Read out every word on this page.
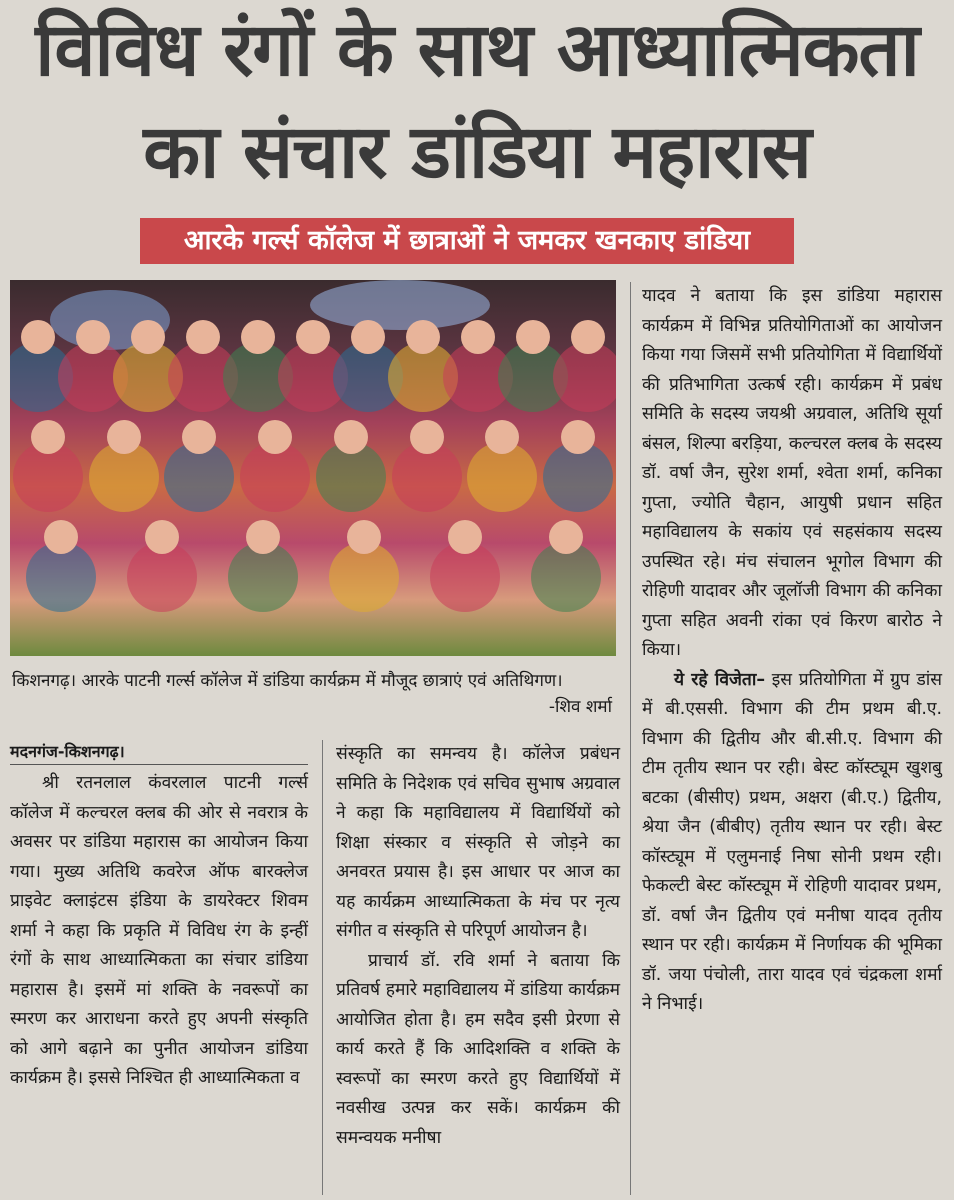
विविध रंगों के साथ आध्यात्मिकता
का संचार डांडिया महारास
आरके गर्ल्स कॉलेज में छात्राओं ने जमकर खनकाए डांडिया
किशनगढ़। आरके पाटनी गर्ल्स कॉलेज में डांडिया कार्यक्रम में मौजूद छात्राएं एवं अतिथिगण।
-शिव शर्मा
मदनगंज-किशनगढ़।

श्री रतनलाल कंवरलाल पाटनी गर्ल्स कॉलेज में कल्चरल क्लब की ओर से नवरात्र के अवसर पर डांडिया महारास का आयोजन किया गया। मुख्य अतिथि कवरेज ऑफ बारक्लेज प्राइवेट क्लाइंटस इंडिया के डायरेक्टर शिवम शर्मा ने कहा कि प्रकृति में विविध रंग के इन्हीं रंगों के साथ आध्यात्मिकता का संचार डांडिया महारास है। इसमें मां शक्ति के नवरूपों का स्मरण कर आराधना करते हुए अपनी संस्कृति को आगे बढ़ाने का पुनीत आयोजन डांडिया कार्यक्रम है। इससे निश्चित ही आध्यात्मिकता व

संस्कृति का समन्वय है। कॉलेज प्रबंधन समिति के निदेशक एवं सचिव सुभाष अग्रवाल ने कहा कि महाविद्यालय में विद्यार्थियों को शिक्षा संस्कार व संस्कृति से जोड़ने का अनवरत प्रयास है। इस आधार पर आज का यह कार्यक्रम आध्यात्मिकता के मंच पर नृत्य संगीत व संस्कृति से परिपूर्ण आयोजन है।

प्राचार्य डॉ. रवि शर्मा ने बताया कि प्रतिवर्ष हमारे महाविद्यालय में डांडिया कार्यक्रम आयोजित होता है। हम सदैव इसी प्रेरणा से कार्य करते हैं कि आदिशक्ति व शक्ति के स्वरूपों का स्मरण करते हुए विद्यार्थियों में नवसीख उत्पन्न कर सकें। कार्यक्रम की समन्वयक मनीषा

यादव ने बताया कि इस डांडिया महारास कार्यक्रम में विभिन्न प्रतियोगिताओं का आयोजन किया गया जिसमें सभी प्रतियोगिता में विद्यार्थियों की प्रतिभागिता उत्कर्ष रही। कार्यक्रम में प्रबंध समिति के सदस्य जयश्री अग्रवाल, अतिथि सूर्या बंसल, शिल्पा बरड़िया, कल्चरल क्लब के सदस्य डॉ. वर्षा जैन, सुरेश शर्मा, श्वेता शर्मा, कनिका गुप्ता, ज्योति चैहान, आयुषी प्रधान सहित महाविद्यालय के सकांय एवं सहसंकाय सदस्य उपस्थित रहे। मंच संचालन भूगोल विभाग की रोहिणी यादावर और जूलॉजी विभाग की कनिका गुप्ता सहित अवनी रांका एवं किरण बारोठ ने किया।

ये रहे विजेता– इस प्रतियोगिता में ग्रुप डांस में बी.एससी. विभाग की टीम प्रथम बी.ए. विभाग की द्वितीय और बी.सी.ए. विभाग की टीम तृतीय स्थान पर रही। बेस्ट कॉस्ट्यूम खुशबु बटका (बीसीए) प्रथम, अक्षरा (बी.ए.) द्वितीय, श्रेया जैन (बीबीए) तृतीय स्थान पर रही। बेस्ट कॉस्ट्यूम में एलुमनाई निषा सोनी प्रथम रही। फेकल्टी बेस्ट कॉस्ट्यूम में रोहिणी यादावर प्रथम, डॉ. वर्षा जैन द्वितीय एवं मनीषा यादव तृतीय स्थान पर रही। कार्यक्रम में निर्णायक की भूमिका डॉ. जया पंचोली, तारा यादव एवं चंद्रकला शर्मा ने निभाई।
